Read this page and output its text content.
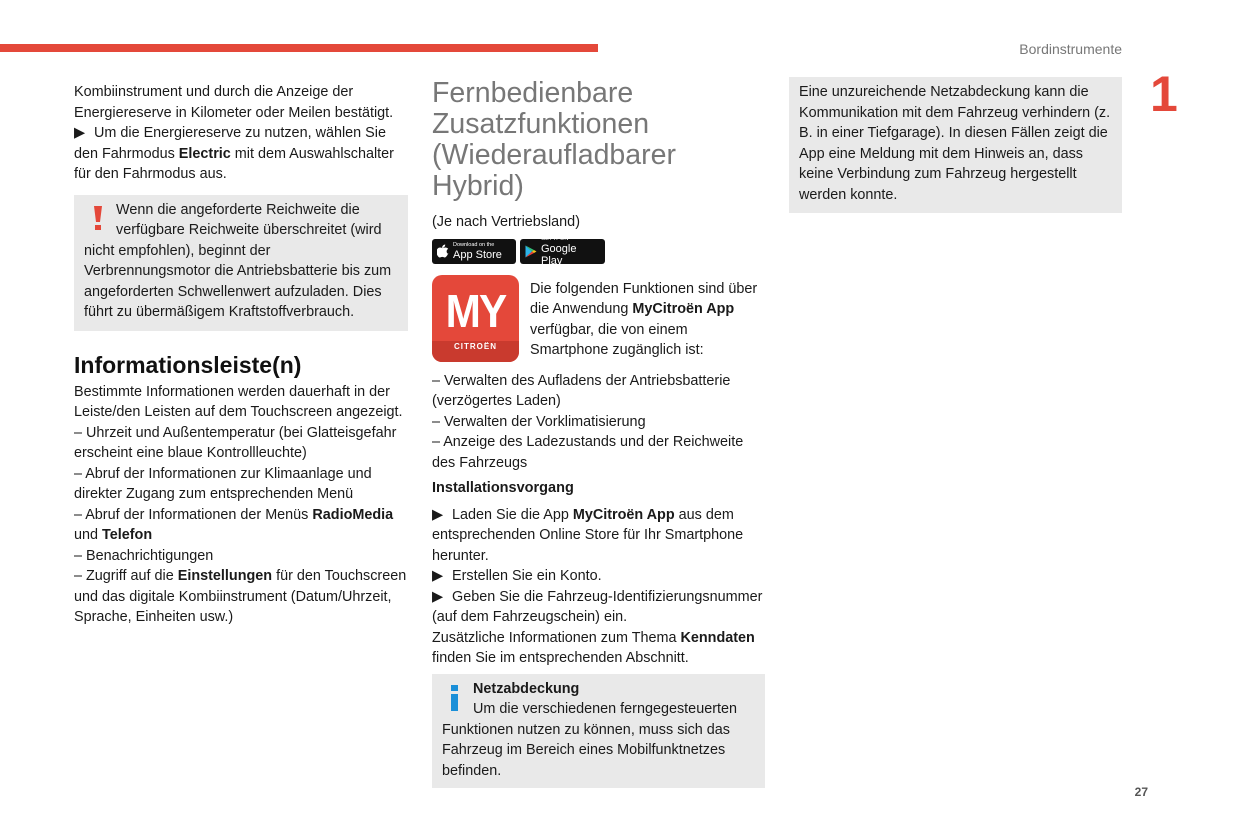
Bordinstrumente
1
27

Kombiinstrument und durch die Anzeige der Energiereserve in Kilometer oder Meilen bestätigt.

▶ Um die Energiereserve zu nutzen, wählen Sie den Fahrmodus Electric mit dem Auswahlschalter für den Fahrmodus aus.

Wenn die angeforderte Reichweite die verfügbare Reichweite überschreitet (wird

nicht empfohlen), beginnt der Verbrennungsmotor die Antriebsbatterie bis zum angeforderten Schwellenwert aufzuladen. Dies führt zu übermäßigem Kraftstoffverbrauch.

Informationsleiste(n)

Bestimmte Informationen werden dauerhaft in der Leiste/den Leisten auf dem Touchscreen angezeigt.

– Uhrzeit und Außentemperatur (bei Glatteisgefahr erscheint eine blaue Kontrollleuchte)

– Abruf der Informationen zur Klimaanlage und direkter Zugang zum entsprechenden Menü

– Abruf der Informationen der Menüs RadioMedia und Telefon

– Benachrichtigungen

– Zugriff auf die Einstellungen für den Touchscreen und das digitale Kombiinstrument (Datum/Uhrzeit, Sprache, Einheiten usw.)

Fernbedienbare
Zusatzfunktionen
(Wiederaufladbarer Hybrid)

(Je nach Vertriebsland)

Download on the
App Store
GET IT ON
Google Play
MY
CITROËN

Die folgenden Funktionen sind über die Anwendung MyCitroën App verfügbar, die von einem Smartphone zugänglich ist:

– Verwalten des Aufladens der Antriebsbatterie (verzögertes Laden)

– Verwalten der Vorklimatisierung

– Anzeige des Ladezustands und der Reichweite des Fahrzeugs

Installationsvorgang

▶ Laden Sie die App MyCitroën App aus dem entsprechenden Online Store für Ihr Smartphone herunter.

▶ Erstellen Sie ein Konto.

▶ Geben Sie die Fahrzeug-Identifizierungsnummer (auf dem Fahrzeugschein) ein.

Zusätzliche Informationen zum Thema Kenndaten finden Sie im entsprechenden Abschnitt.

Netzabdeckung

Um die verschiedenen ferngegesteuerten

Funktionen nutzen zu können, muss sich das Fahrzeug im Bereich eines Mobilfunktnetzes befinden.

Eine unzureichende Netzabdeckung kann die Kommunikation mit dem Fahrzeug verhindern (z. B. in einer Tiefgarage). In diesen Fällen zeigt die App eine Meldung mit dem Hinweis an, dass keine Verbindung zum Fahrzeug hergestellt werden konnte.
